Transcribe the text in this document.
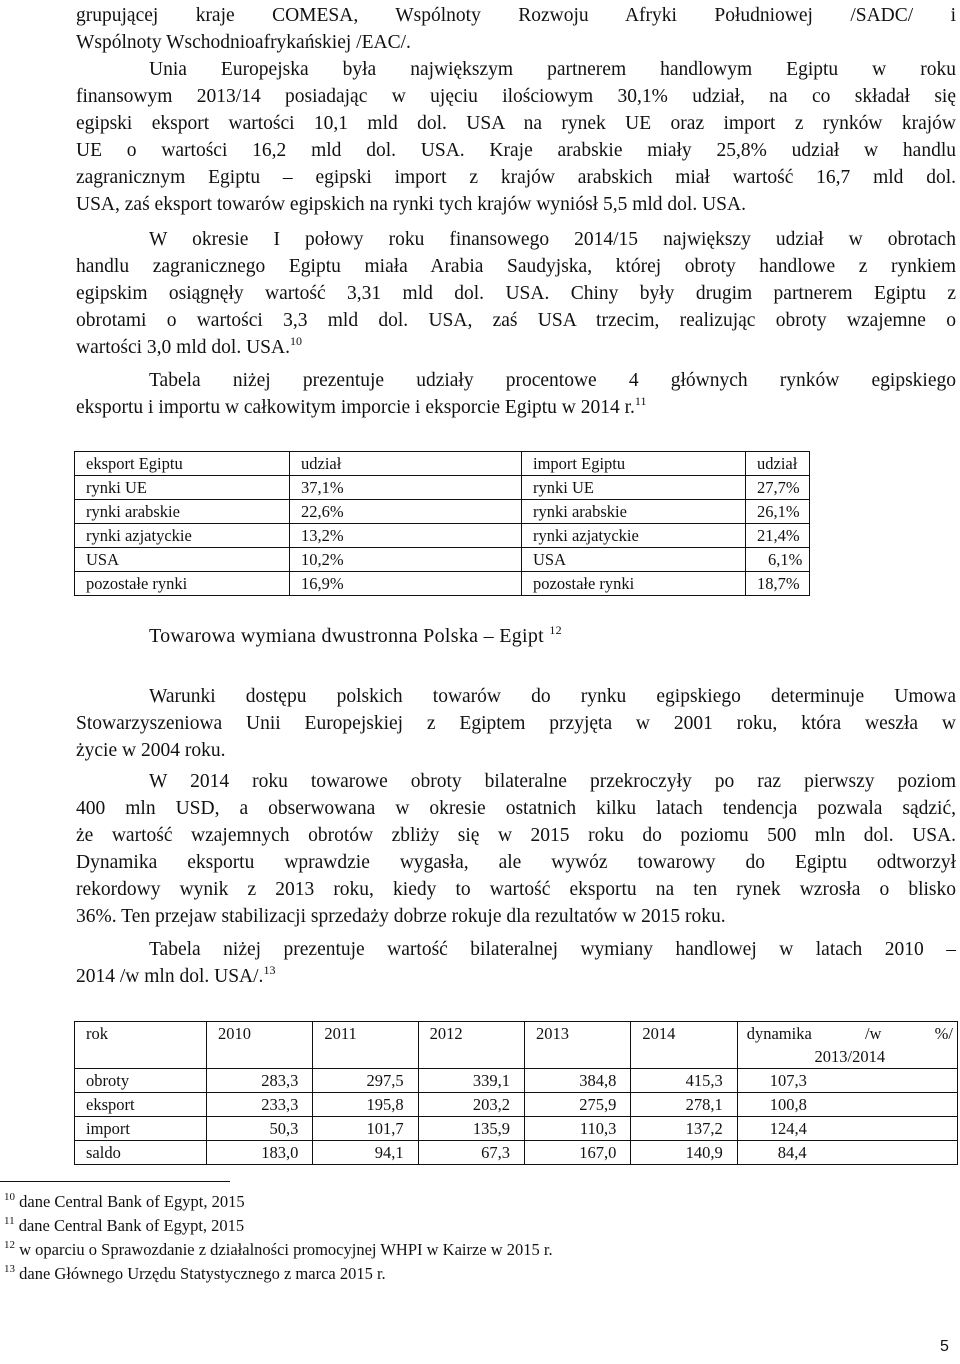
grupującej kraje COMESA, Wspólnoty Rozwoju Afryki Południowej /SADC/ i
Wspólnoty Wschodnioafrykańskiej /EAC/.

Unia Europejska była największym partnerem handlowym Egiptu w roku
finansowym 2013/14 posiadając w ujęciu ilościowym 30,1% udział, na co składał się
egipski eksport wartości 10,1 mld dol. USA na rynek UE oraz import z rynków krajów
UE o wartości 16,2 mld dol. USA. Kraje arabskie miały 25,8% udział w handlu
zagranicznym Egiptu – egipski import z krajów arabskich miał wartość 16,7 mld dol.
USA, zaś eksport towarów egipskich na rynki tych krajów wyniósł 5,5 mld dol. USA.

W okresie I połowy roku finansowego 2014/15 największy udział w obrotach
handlu zagranicznego Egiptu miała Arabia Saudyjska, której obroty handlowe z rynkiem
egipskim osiągnęły wartość 3,31 mld dol. USA. Chiny były drugim partnerem Egiptu z
obrotami o wartości 3,3 mld dol. USA, zaś USA trzecim, realizując obroty wzajemne o
wartości 3,0 mld dol. USA.$^{10}$

Tabela niżej prezentuje udziały procentowe 4 głównych rynków egipskiego
eksportu i importu w całkowitym imporcie i eksporcie Egiptu w 2014 r.$^{11}$

eksport Egiptu	udział	import Egiptu	udział
rynki UE	37,1%	rynki UE	27,7%
rynki arabskie	22,6%	rynki arabskie	26,1%
rynki azjatyckie	13,2%	rynki azjatyckie	21,4%
USA	10,2%	USA	6,1%
pozostałe rynki	16,9%	pozostałe rynki	18,7%
Towarowa wymiana dwustronna Polska – Egipt $^{12}$

Warunki dostępu polskich towarów do rynku egipskiego determinuje Umowa
Stowarzyszeniowa Unii Europejskiej z Egiptem przyjęta w 2001 roku, która weszła w
życie w 2004 roku.

W 2014 roku towarowe obroty bilateralne przekroczyły po raz pierwszy poziom
400 mln USD, a obserwowana w okresie ostatnich kilku latach tendencja pozwala sądzić,
że wartość wzajemnych obrotów zbliży się w 2015 roku do poziomu 500 mln dol. USA.
Dynamika eksportu wprawdzie wygasła, ale wywóz towarowy do Egiptu odtworzył
rekordowy wynik z 2013 roku, kiedy to wartość eksportu na ten rynek wzrosła o blisko
36%. Ten przejaw stabilizacji sprzedaży dobrze rokuje dla rezultatów w 2015 roku.

Tabela niżej prezentuje wartość bilateralnej wymiany handlowej w latach 2010 –
2014 /w mln dol. USA/.$^{13}$

rok	2010	2011	2012	2013	2014	dynamika /w %/
2013/2014

obroty	283,3	297,5	339,1	384,8	415,3	107,3
eksport	233,3	195,8	203,2	275,9	278,1	100,8
import	50,3	101,7	135,9	110,3	137,2	124,4
saldo	183,0	94,1	67,3	167,0	140,9	84,4
$^{10}$ dane Central Bank of Egypt, 2015
$^{11}$ dane Central Bank of Egypt, 2015
$^{12}$ w oparciu o Sprawozdanie z działalności promocyjnej WHPI w Kairze w 2015 r.
$^{13}$ dane Głównego Urzędu Statystycznego z marca 2015 r.
5
